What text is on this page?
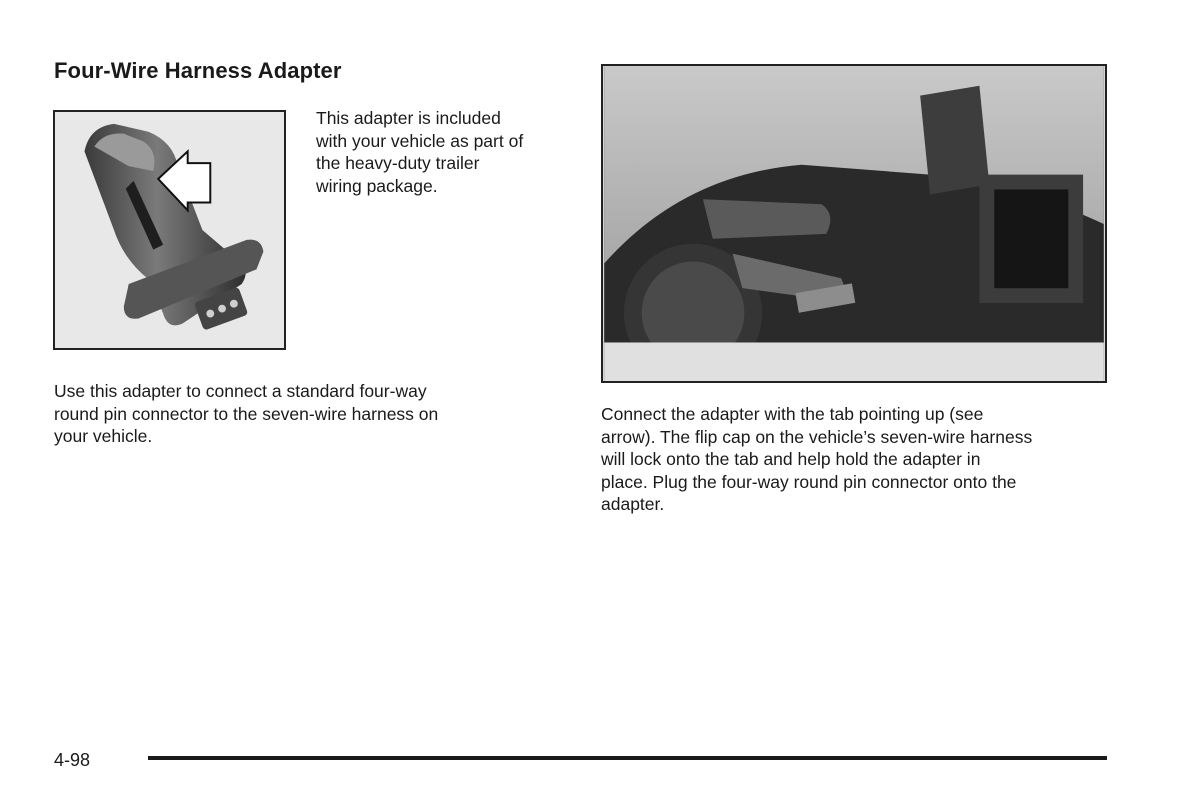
Four-Wire Harness Adapter

This adapter is included
with your vehicle as part of
the heavy-duty trailer
wiring package.

Use this adapter to connect a standard four-way
round pin connector to the seven-wire harness on
your vehicle.

Connect the adapter with the tab pointing up (see
arrow). The flip cap on the vehicle’s seven-wire harness
will lock onto the tab and help hold the adapter in
place. Plug the four-way round pin connector onto the
adapter.

4-98
